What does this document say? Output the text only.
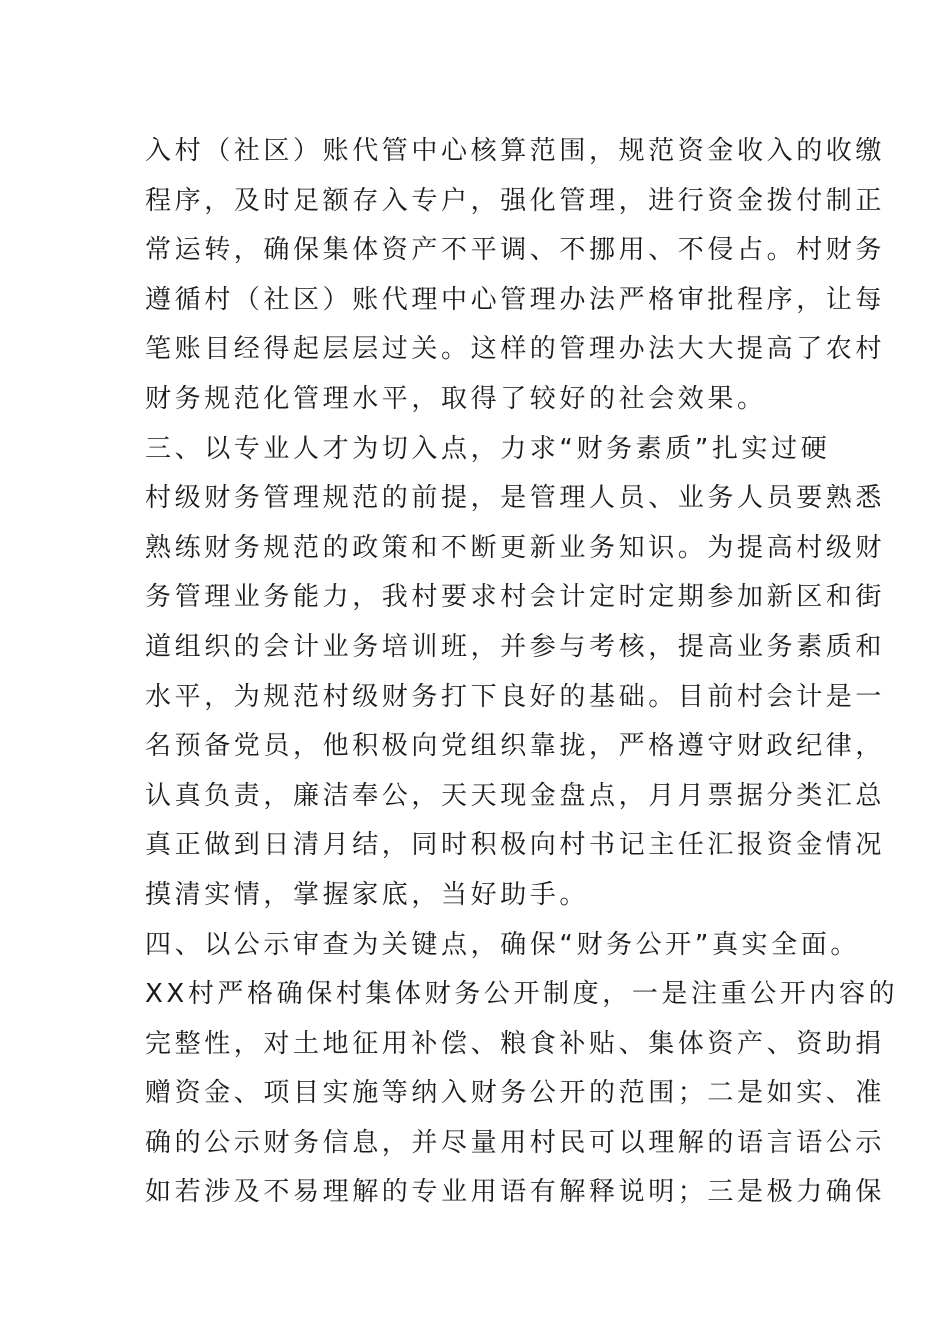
入村（社区）账代管中心核算范围，规范资金收入的收缴
程序，及时足额存入专户，强化管理，进行资金拨付制正
常运转，确保集体资产不平调、不挪用、不侵占。村财务
遵循村（社区）账代理中心管理办法严格审批程序，让每
笔账目经得起层层过关。这样的管理办法大大提高了农村
财务规范化管理水平，取得了较好的社会效果。
三、以专业人才为切入点，力求“财务素质”扎实过硬
村级财务管理规范的前提，是管理人员、业务人员要熟悉
熟练财务规范的政策和不断更新业务知识。为提高村级财
务管理业务能力，我村要求村会计定时定期参加新区和街
道组织的会计业务培训班，并参与考核，提高业务素质和
水平，为规范村级财务打下良好的基础。目前村会计是一
名预备党员，他积极向党组织靠拢，严格遵守财政纪律，
认真负责，廉洁奉公，天天现金盘点，月月票据分类汇总
真正做到日清月结，同时积极向村书记主任汇报资金情况
摸清实情，掌握家底，当好助手。
四、以公示审查为关键点，确保“财务公开”真实全面。
XX村严格确保村集体财务公开制度，一是注重公开内容的
完整性，对土地征用补偿、粮食补贴、集体资产、资助捐
赠资金、项目实施等纳入财务公开的范围；二是如实、准
确的公示财务信息，并尽量用村民可以理解的语言语公示
如若涉及不易理解的专业用语有解释说明；三是极力确保
